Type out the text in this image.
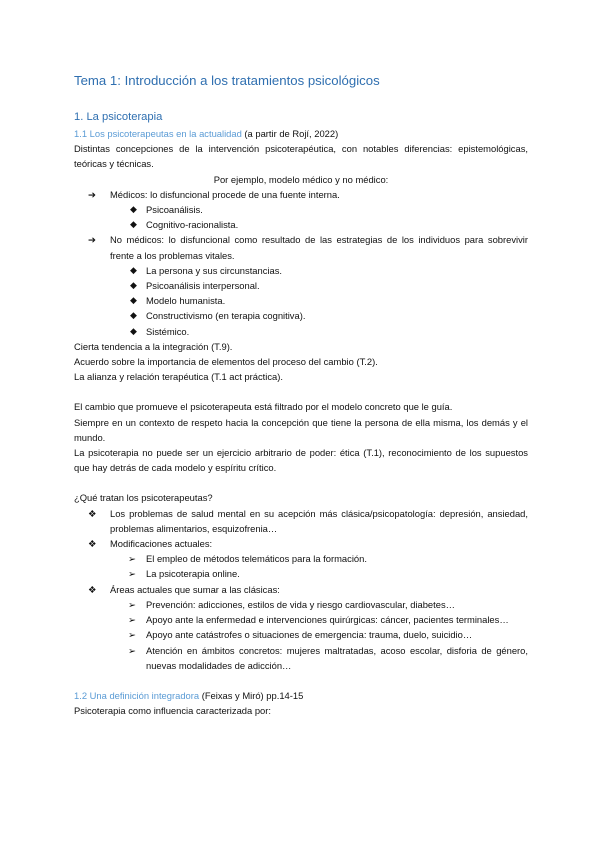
Tema 1: Introducción a los tratamientos psicológicos
1. La psicoterapia

1.1 Los psicoterapeutas en la actualidad (a partir de Rojí, 2022)

Distintas concepciones de la intervención psicoterapéutica, con notables diferencias: epistemológicas, teóricas y técnicas.

Por ejemplo, modelo médico y no médico:

➔ Médicos: lo disfuncional procede de una fuente interna.
◆ Psicoanálisis.
◆ Cognitivo-racionalista.
➔ No médicos: lo disfuncional como resultado de las estrategias de los individuos para sobrevivir frente a los problemas vitales.
◆ La persona y sus circunstancias.
◆ Psicoanálisis interpersonal.
◆ Modelo humanista.
◆ Constructivismo (en terapia cognitiva).
◆ Sistémico.

Cierta tendencia a la integración (T.9).

Acuerdo sobre la importancia de elementos del proceso del cambio (T.2).

La alianza y relación terapéutica (T.1 act práctica).

El cambio que promueve el psicoterapeuta está filtrado por el modelo concreto que le guía.

Siempre en un contexto de respeto hacia la concepción que tiene la persona de ella misma, los demás y el mundo.

La psicoterapia no puede ser un ejercicio arbitrario de poder: ética (T.1), reconocimiento de los supuestos que hay detrás de cada modelo y espíritu crítico.

¿Qué tratan los psicoterapeutas?

❖ Los problemas de salud mental en su acepción más clásica/psicopatología: depresión, ansiedad, problemas alimentarios, esquizofrenia…
❖ Modificaciones actuales:
➢ El empleo de métodos telemáticos para la formación.
➢ La psicoterapia online.
❖ Áreas actuales que sumar a las clásicas:
➢ Prevención: adicciones, estilos de vida y riesgo cardiovascular, diabetes…
➢ Apoyo ante la enfermedad e intervenciones quirúrgicas: cáncer, pacientes terminales…
➢ Apoyo ante catástrofes o situaciones de emergencia: trauma, duelo, suicidio…
➢ Atención en ámbitos concretos: mujeres maltratadas, acoso escolar, disforia de género, nuevas modalidades de adicción…

1.2 Una definición integradora (Feixas y Miró) pp.14-15

Psicoterapia como influencia caracterizada por:
